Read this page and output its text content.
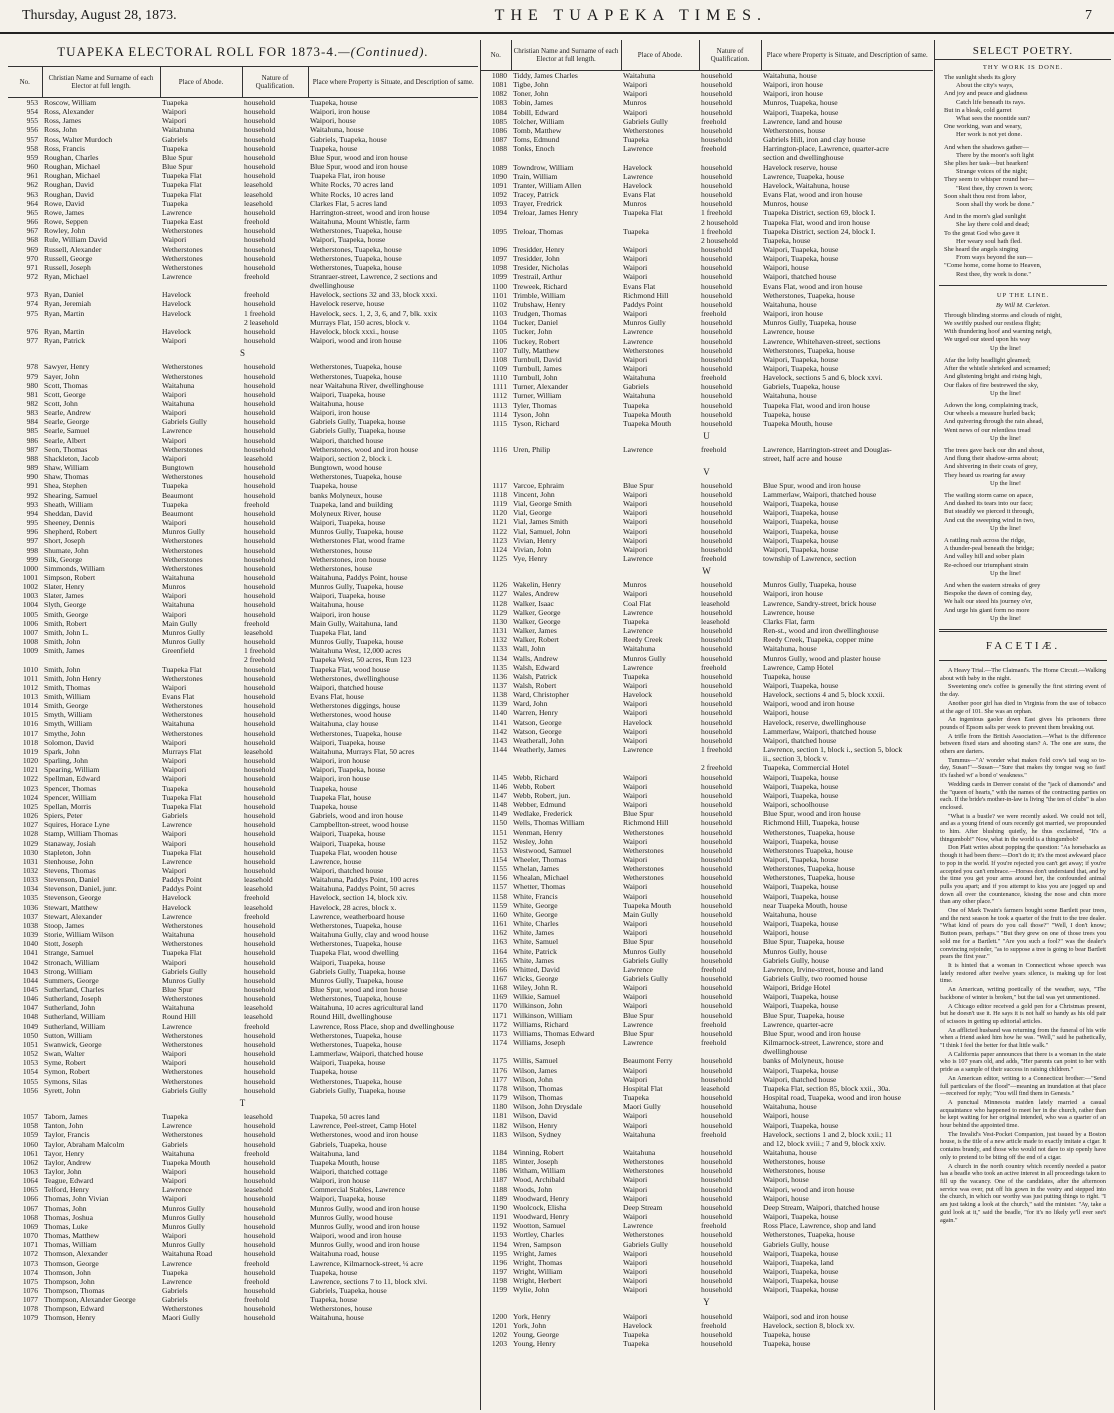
Thursday, August 28, 1873.	THE TUAPEKA TIMES.	7
TUAPEKA ELECTORAL ROLL FOR 1873-4.—(Continued).
No.	Christian Name and Surname of each Elector at full length.	Place of Abode.	Nature of Qualification.	Place where Property is Situate, and Description of same.
953	Roscow, William	Tuapeka	household	Tuapeka, house
954	Ross, Alexander	Waipori	household	Waipori, iron house
955	Ross, James	Waipori	household	Waipori, house
956	Ross, John	Waitahuna	household	Waitahuna, house
957	Ross, Walter Murdoch	Gabriels	household	Gabriels, Tuapeka, house
958	Ross, Francis	Tuapeka	household	Tuapeka, house
959	Roughan, Charles	Blue Spur	household	Blue Spur, wood and iron house
960	Roughan, Michael	Blue Spur	household	Blue Spur, wood and iron house
961	Roughan, Michael	Tuapeka Flat	household	Tuapeka Flat, iron house
962	Roughan, David	Tuapeka Flat	leasehold	White Rocks, 70 acres land
963	Roughan, David	Tuapeka Flat	leasehold	White Rocks, 10 acres land
964	Rowe, David	Tuapeka	leasehold	Clarkes Flat, 5 acres land
965	Rowe, James	Lawrence	household	Harrington-street, wood and iron house
966	Rowe, Seppen	Tuapeka East	freehold	Waitahuna, Mount Whistle, farm
967	Rowley, John	Wetherstones	household	Wetherstones, Tuapeka, house
968	Rule, William David	Waipori	household	Waipori, Tuapeka, house
969	Russell, Alexander	Wetherstones	household	Wetherstones, Tuapeka, house
970	Russell, George	Wetherstones	household	Wetherstones, Tuapeka, house
971	Russell, Joseph	Wetherstones	household	Wetherstones, Tuapeka, house
972	Ryan, Michael	Lawrence	freehold	Stranraer-street, Lawrence, 2 sections and
				dwellinghouse
973	Ryan, Daniel	Havelock	freehold	Havelock, sections 32 and 33, block xxxi.
974	Ryan, Jeremiah	Havelock	household	Havelock reserve, house
975	Ryan, Martin	Havelock	1 freehold	Havelock, secs. 1, 2, 3, 6, and 7, blk. xxix
			2 leasehold	Murrays Flat, 150 acres, block v.
976	Ryan, Martin	Havelock	household	Havelock, block xxxi., house
977	Ryan, Patrick	Waipori	household	Waipori, wood and iron house
S				
978	Sawyer, Henry	Wetherstones	household	Wetherstones, Tuapeka, house
979	Sayer, John	Wetherstones	household	Wetherstones, Tuapeka, house
980	Scott, Thomas	Waitahuna	household	near Waitahuna River, dwellinghouse
981	Scott, George	Waipori	household	Waipori, Tuapeka, house
982	Scott, John	Waitahuna	household	Waitahuna, house
983	Searle, Andrew	Waipori	household	Waipori, iron house
984	Searle, George	Gabriels Gully	household	Gabriels Gully, Tuapeka, house
985	Searle, Samuel	Lawrence	household	Gabriels Gully, Tuapeka, house
986	Searle, Albert	Waipori	household	Waipori, thatched house
987	Seon, Thomas	Wetherstones	household	Wetherstones, wood and iron house
988	Shackleton, Jacob	Waipori	leasehold	Waipori, section 2, block i.
989	Shaw, William	Bungtown	household	Bungtown, wood house
990	Shaw, Thomas	Wetherstones	household	Wetherstones, Tuapeka, house
991	Shea, Stephen	Tuapeka	household	Tuapeka, house
992	Shearing, Samuel	Beaumont	household	banks Molyneux, house
993	Sheath, William	Tuapeka	freehold	Tuapeka, land and building
994	Sheddan, David	Beaumont	household	Molyneux River, house
995	Sheeney, Dennis	Waipori	household	Waipori, Tuapeka, house
996	Shepherd, Robert	Munros Gully	household	Munros Gully, Tuapeka, house
997	Short, Joseph	Wetherstones	household	Wetherstones Flat, wood frame
998	Shumate, John	Wetherstones	household	Wetherstones, house
999	Silk, George	Wetherstones	household	Wetherstones, iron house
1000	Simmonds, William	Wetherstones	household	Wetherstones, house
1001	Simpson, Robert	Waitahuna	household	Waitahuna, Paddys Point, house
1002	Slater, Henry	Munros	household	Munros Gully, Tuapeka, house
1003	Slater, James	Waipori	household	Waipori, Tuapeka, house
1004	Slyth, George	Waitahuna	household	Waitahuna, house
1005	Smith, George	Waipori	household	Waipori, iron house
1006	Smith, Robert	Main Gully	freehold	Main Gully, Waitahuna, land
1007	Smith, John L.	Munros Gully	leasehold	Tuapeka Flat, land
1008	Smith, John	Munros Gully	household	Munros Gully, Tuapeka, house
1009	Smith, James	Greenfield	1 freehold	Waitahuna West, 12,000 acres
			2 freehold	Tuapeka West, 50 acres, Run 123
1010	Smith, John	Tuapeka Flat	household	Tuapeka Flat, wood house
1011	Smith, John Henry	Wetherstones	household	Wetherstones, dwellinghouse
1012	Smith, Thomas	Waipori	household	Waipori, thatched house
1013	Smith, William	Evans Flat	household	Evans Flat, house
1014	Smith, George	Wetherstones	household	Wetherstones diggings, house
1015	Smyth, William	Wetherstones	household	Wetherstones, wood house
1016	Smyth, William	Waitahuna	household	Waitahuna, clay house
1017	Smythe, John	Wetherstones	household	Wetherstones, Tuapeka, house
1018	Solomon, David	Waipori	household	Waipori, Tuapeka, house
1019	Spark, John	Murrays Flat	leasehold	Waitahuna, Murrays Flat, 50 acres
1020	Sparling, John	Waipori	household	Waipori, iron house
1021	Spearing, William	Waipori	household	Waipori, Tuapeka, house
1022	Spellman, Edward	Waipori	household	Waipori, iron house
1023	Spencer, Thomas	Tuapeka	household	Tuapeka, house
1024	Spencer, William	Tuapeka Flat	household	Tuapeka Flat, house
1025	Spellan, Morris	Tuapeka Flat	household	Tuapeka, house
1026	Spiers, Peter	Gabriels	household	Gabriels, wood and iron house
1027	Squires, Horace Lyne	Lawrence	household	Campbellton-street, wood house
1028	Stamp, William Thomas	Waipori	household	Waipori, Tuapeka, house
1029	Stanaway, Josiah	Waipori	household	Waipori, Tuapeka, house
1030	Stapleton, John	Tuapeka Flat	household	Tuapeka Flat, wooden house
1031	Stenhouse, John	Lawrence	household	Lawrence, house
1032	Stevens, Thomas	Waipori	household	Waipori, thatched house
1033	Stevenson, Daniel	Paddys Point	leasehold	Waitahuna, Paddys Point, 100 acres
1034	Stevenson, Daniel, junr.	Paddys Point	leasehold	Waitahuna, Paddys Point, 50 acres
1035	Stevenson, George	Havelock	freehold	Havelock, section 14, block xiv.
1036	Stewart, Matthew	Havelock	leasehold	Havelock, 28 acres, block x.
1037	Stewart, Alexander	Lawrence	freehold	Lawrence, weatherboard house
1038	Stoop, James	Wetherstones	household	Wetherstones, Tuapeka, house
1039	Storie, William Wilson	Waitahuna	household	Waitahuna Gully, clay and wood house
1040	Stott, Joseph	Wetherstones	household	Wetherstones, Tuapeka, house
1041	Strange, Samuel	Tuapeka Flat	household	Tuapeka Flat, wood dwelling
1042	Stronach, William	Waipori	household	Waipori, Tuapeka, house
1043	Strong, William	Gabriels Gully	household	Gabriels Gully, Tuapeka, house
1044	Summers, George	Munros Gully	household	Munros Gully, Tuapeka, house
1045	Sutherland, Charles	Blue Spur	household	Blue Spur, wood and iron house
1046	Sutherland, Joseph	Wetherstones	household	Wetherstones, Tuapeka, house
1047	Sutherland, John	Waitahuna	leasehold	Waitahuna, 10 acres agricultural land
1048	Sutherland, William	Round Hill	leasehold	Round Hill, dwellinghouse
1049	Sutherland, William	Lawrence	freehold	Lawrence, Ross Place, shop and dwellinghouse
1050	Sutton, William	Wetherstones	household	Wetherstones, Tuapeka, house
1051	Swanwick, George	Wetherstones	household	Wetherstones, Tuapeka, house
1052	Swan, Walter	Waipori	household	Lammerlaw, Waipori, thatched house
1053	Syme, Robert	Waipori	household	Waipori, Tuapeka, house
1054	Symon, Robert	Wetherstones	household	Tuapeka, house
1055	Symons, Silas	Wetherstones	household	Wetherstones, Tuapeka, house
1056	Syrett, John	Gabriels Gully	household	Gabriels Gully, Tuapeka, house
T				
1057	Taborn, James	Tuapeka	leasehold	Tuapeka, 50 acres land
1058	Tanton, John	Lawrence	household	Lawrence, Peel-street, Camp Hotel
1059	Taylor, Francis	Wetherstones	household	Wetherstones, wood and iron house
1060	Taylor, Abraham Malcolm	Gabriels	household	Gabriels, Tuapeka, house
1061	Tayor, Henry	Waitahuna	freehold	Waitahuna, land
1062	Taylor, Andrew	Tuapeka Mouth	household	Tuapeka Mouth, house
1063	Taylor, John	Waipori	household	Waipori, thatched cottage
1064	Teague, Edward	Waipori	household	Waipori, iron house
1065	Telford, Henry	Lawrence	leasehold	Commercial Stables, Lawrence
1066	Thomas, John Vivian	Waipori	household	Waipori, Tuapeka, house
1067	Thomas, John	Munros Gully	household	Munros Gully, wood and iron house
1068	Thomas, Joshua	Munros Gully	household	Munros Gully, wood house
1069	Thomas, Luke	Munros Gully	household	Munros Gully, wood and iron house
1070	Thomas, Matthew	Waipori	household	Waipori, wood and iron house
1071	Thomas, William	Munros Gully	household	Munros Gully, wood and iron house
1072	Thomson, Alexander	Waitahuna Road	household	Waitahuna road, house
1073	Thomson, George	Lawrence	freehold	Lawrence, Kilmarnock-street, ¼ acre
1074	Thomson, John	Tuapeka	household	Tuapeka, house
1075	Thompson, John	Lawrence	freehold	Lawrence, sections 7 to 11, block xlvi.
1076	Thompson, Thomas	Gabriels	household	Gabriels, Tuapeka, house
1077	Thompson, Alexander George	Gabriels	freehold	Tuapeka, house
1078	Thompson, Edward	Wetherstones	household	Wetherstones, house
1079	Thomson, Henry	Maori Gully	household	Waitahuna, house
No.	Christian Name and Surname of each Elector at full length.	Place of Abode.	Nature of Qualification.	Place where Property is Situate, and Description of same.
1080	Tiddy, James Charles	Waitahuna	household	Waitahuna, house
1081	Tigbe, John	Waipori	household	Waipori, iron house
1082	Toner, John	Waipori	household	Waipori, iron house
1083	Tobin, James	Munros	household	Munros, Tuapeka, house
1084	Tobill, Edward	Waipori	household	Waipori, Tuapeka, house
1085	Tolcher, William	Gabriels Gully	freehold	Lawrence, land and house
1086	Tomb, Matthew	Wetherstones	household	Wetherstones, house
1087	Toms, Edmund	Tuapeka	household	Gabriels Hill, iron and clay house
1088	Tonks, Enoch	Lawrence	freehold	Harrington-place, Lawrence, quarter-acre
				section and dwellinghouse
1089	Towndrow, William	Havelock	household	Havelock reserve, house
1090	Train, William	Lawrence	household	Lawrence, Tuapeka, house
1091	Tranter, William Allen	Havelock	household	Havelock, Waitahuna, house
1092	Tracey, Patrick	Evans Flat	household	Evans Flat, wood and iron house
1093	Trayer, Fredrick	Munros	household	Munros, house
1094	Treloar, James Henry	Tuapeka Flat	1 freehold	Tuapeka District, section 69, block I.
			2 household	Tuapeka Flat, wood and iron house
1095	Treloar, Thomas	Tuapeka	1 freehold	Tuapeka District, section 24, block I.
			2 household	Tuapeka, house
1096	Tresidder, Henry	Waipori	household	Waipori, Tuapeka, house
1097	Tresidder, John	Waipori	household	Waipori, Tuapeka, house
1098	Tresider, Nicholas	Waipori	household	Waipori, house
1099	Trestrail, Arthur	Waipori	household	Waipori, thatched house
1100	Treweek, Richard	Evans Flat	household	Evans Flat, wood and iron house
1101	Trimble, William	Richmond Hill	household	Wetherstones, Tuapeka, house
1102	Trubshaw, Henry	Paddys Point	household	Waitahuna, house
1103	Trudgen, Thomas	Waipori	freehold	Waipori, iron house
1104	Tucker, Daniel	Munros Gully	household	Munros Gully, Tuapeka, house
1105	Tucker, John	Lawrence	household	Lawrence, house
1106	Tuckey, Robert	Lawrence	household	Lawrence, Whitehaven-street, sections
1107	Tully, Matthew	Wetherstones	household	Wetherstones, Tuapeka, house
1108	Turnbull, David	Waipori	household	Waipori, Tuapeka, house
1109	Turnbull, James	Waipori	household	Waipori, Tuapeka, house
1110	Turnbull, John	Waitahuna	freehold	Havelock, sections 5 and 6, block xxvi.
1111	Turner, Alexander	Gabriels	household	Gabriels, Tuapeka, house
1112	Turner, William	Waitahuna	household	Waitahuna, house
1113	Tyler, Thomas	Tuapeka	household	Tuapeka Flat, wood and iron house
1114	Tyson, John	Tuapeka Mouth	household	Tuapeka, house
1115	Tyson, Richard	Tuapeka Mouth	household	Tuapeka Mouth, house
U				
1116	Uren, Philip	Lawrence	freehold	Lawrence, Harrington-street and Douglas-
				street, half acre and house
V				
1117	Varcoe, Ephraim	Blue Spur	household	Blue Spur, wood and iron house
1118	Vincent, John	Waipori	household	Lammerlaw, Waipori, thatched house
1119	Vial, George Smith	Waipori	household	Waipori, Tuapeka, house
1120	Vial, George	Waipori	household	Waipori, Tuapeka, house
1121	Vial, James Smith	Waipori	household	Waipori, Tuapeka, house
1122	Vial, Samuel, John	Waipori	household	Waipori, Tuapeka, house
1123	Vivian, Henry	Waipori	household	Waipori, Tuapeka, house
1124	Vivian, John	Waipori	household	Waipori, Tuapeka, house
1125	Vye, Henry	Lawrence	freehold	township of Lawrence, section
W				
1126	Wakelin, Henry	Munros	household	Munros Gully, Tuapeka, house
1127	Wales, Andrew	Waipori	household	Waipori, iron house
1128	Walker, Isaac	Coal Flat	leasehold	Lawrence, Sandry-street, brick house
1129	Walker, George	Lawrence	household	Lawrence, house
1130	Walker, George	Tuapeka	leasehold	Clarks Flat, farm
1131	Walker, James	Lawrence	household	Ren-st., wood and iron dwellinghouse
1132	Walker, Robert	Reedy Creek	household	Reedy Creek, Tuapeka, copper mine
1133	Wall, John	Waitahuna	household	Waitahuna, house
1134	Walls, Andrew	Munros Gully	household	Munros Gully, wood and plaster house
1135	Walsh, Edward	Lawrence	freehold	Lawrence, Camp Hotel
1136	Walsh, Patrick	Tuapeka	household	Tuapeka, house
1137	Walsh, Robert	Waipori	household	Waipori, Tuapeka, house
1138	Ward, Christopher	Havelock	household	Havelock, sections 4 and 5, block xxxii.
1139	Ward, John	Waipori	household	Waipori, wood and iron house
1140	Warren, Henry	Waipori	household	Waipori, house
1141	Watson, George	Havelock	household	Havelock, reserve, dwellinghouse
1142	Watson, George	Waipori	household	Lammerlaw, Waipori, thatched house
1143	Weatherall, John	Waipori	household	Waipori, thatched house
1144	Weatherly, James	Lawrence	1 freehold	Lawrence, section 1, block i., section 5, block
				ii., section 3, block v.
			2 freehold	Tuapeka, Commercial Hotel
1145	Webb, Richard	Waipori	household	Waipori, Tuapeka, house
1146	Webb, Robert	Waipori	household	Waipori, Tuapeka, house
1147	Webb, Robert, jun.	Waipori	household	Waipori, Tuapeka, house
1148	Webber, Edmund	Waipori	household	Waipori, schoolhouse
1149	Wedlake, Frederick	Blue Spur	household	Blue Spur, wood and iron house
1150	Wells, Thomas William	Richmond Hill	household	Richmond Hill, Tuapeka, house
1151	Wenman, Henry	Wetherstones	household	Wetherstones, Tuapeka, house
1152	Wesley, John	Waipori	household	Waipori, Tuapeka, house
1153	Westwood, Samuel	Wetherstones	household	Wetherstones Tuapeka, house
1154	Wheeler, Thomas	Waipori	household	Waipori, Tuapeka, house
1155	Whelan, James	Wetherstones	household	Wetherstones, Tuapeka, house
1156	Whealan, Michael	Wetherstones	household	Wetherstones, Tuapeka, house
1157	Whetter, Thomas	Waipori	household	Waipori, Tuapeka, house
1158	White, Francis	Waipori	household	Waipori, Tuapeka, house
1159	White, George	Tuapeka Mouth	household	near Tuapeka Mouth, house
1160	White, George	Main Gully	household	Waitahuna, house
1161	White, Charles	Waipori	household	Waipori, Tuapeka, house
1162	White, James	Waipori	household	Waipori, house
1163	White, Samuel	Blue Spur	household	Blue Spur, Tuapeka, house
1164	White, Patrick	Munros Gully	household	Munros Gully, house
1165	White, James	Gabriels Gully	household	Gabriels Gully, house
1166	Whitted, David	Lawrence	freehold	Lawrence, Irvine-street, house and land
1167	Wicks, George	Gabriels Gully	household	Gabriels Gully, two roomed house
1168	Wiley, John R.	Waipori	household	Waipori, Bridge Hotel
1169	Wilkie, Samuel	Waipori	household	Waipori, Tuapeka, house
1170	Wilkinson, John	Waipori	household	Waipori, Tuapeka, house
1171	Wilkinson, William	Blue Spur	household	Blue Spur, Tuapeka, house
1172	Williams, Richard	Lawrence	freehold	Lawrence, quarter-acre
1173	Williams, Thomas Edward	Blue Spur	household	Blue Spur, wood and iron house
1174	Williams, Joseph	Lawrence	freehold	Kilmarnock-street, Lawrence, store and
				dwellinghouse
1175	Willis, Samuel	Beaumont Ferry	household	banks of Molyneux, house
1176	Wilson, James	Waipori	household	Waipori, Tuapeka, house
1177	Wilson, John	Waipori	household	Waipori, thatched house
1178	Wilson, Thomas	Hospital Flat	leasehold	Tuapeka Flat, section 85, block xxii., 30a.
1179	Wilson, Thomas	Tuapeka	household	Hospital road, Tuapeka, wood and iron house
1180	Wilson, John Drysdale	Maori Gully	household	Waitahuna, house
1181	Wilson, David	Waipori	household	Waipori, house
1182	Wilson, Henry	Waipori	household	Waipori, Tuapeka, house
1183	Wilson, Sydney	Waitahuna	freehold	Havelock, sections 1 and 2, block xxii.; 11
				and 12, block xviii.; 7 and 9, block xxiv.
1184	Winning, Robert	Waitahuna	household	Waitahuna, house
1185	Winter, Joseph	Wetherstones	household	Wetherstones, house
1186	Witham, William	Wetherstones	household	Wetherstones, house
1187	Wood, Archibald	Waipori	household	Waipori, house
1188	Woods, John	Waipori	household	Waipori, wood and iron house
1189	Woodward, Henry	Waipori	household	Waipori, house
1190	Woolcock, Elisha	Deep Stream	household	Deep Stream, Waipori, thatched house
1191	Woodward, Henry	Waipori	household	Waipori, Tuapeka, house
1192	Wootton, Samuel	Lawrence	freehold	Ross Place, Lawrence, shop and land
1193	Wortley, Charles	Wetherstones	household	Wetherstones, Tuapeka, house
1194	Wren, Sampson	Gabriels Gully	household	Gabriels Gully, house
1195	Wright, James	Waipori	household	Waipori, Tuapeka, house
1196	Wright, Thomas	Waipori	household	Waipori, Tuapeka, land
1197	Wright, William	Waipori	household	Waipori, Tuapeka, house
1198	Wright, Herbert	Waipori	household	Waipori, Tuapeka, house
1199	Wylie, John	Waipori	household	Waipori, Tuapeka, house
Y				
1200	York, Henry	Waipori	household	Waipori, sod and iron house
1201	York, John	Havelock	freehold	Havelock, section 8, block xv.
1202	Young, George	Tuapeka	household	Tuapeka, house
1203	Young, Henry	Tuapeka	household	Tuapeka, house
SELECT POETRY.
THY WORK IS DONE.
The sunlight sheds its glory
About the city's ways,
And joy and peace and gladness
Catch life beneath its rays.
But in a bleak, cold garret
What sees the noontide sun?
One working, wan and weary,
Her work is not yet done.
And when the shadows gather—
There by the moon's soft light
She plies her task—but hearken!
Strange voices of the night;
They seem to whisper round her—
"Rest thee, thy crown is won;
Soon shalt thou rest from labor,
Soon shall thy work be done."
And in the morn's glad sunlight
She lay there cold and dead;
To the great God who gave it
Her weary soul hath fled.
She heard the angels singing
From ways beyond the sun—
"Come home, come home to Heaven,
Rest thee, thy work is done."
UP THE LINE.
By Will M. Carleton.
Through blinding storms and clouds of night,
We swiftly pushed our restless flight;
With thundering hoof and warning neigh,
We urged our steed upon his way
Up the line!
Afar the lofty headlight gleamed;
After the whistle shrieked and screamed;
And glistening bright and rising high,
Our flakes of fire bestrewed the sky,
Up the line!
Adown the long, complaining track,
Our wheels a measure hurled back;
And quivering through the rain ahead,
Went news of our relentless tread
Up the line!
The trees gave back our din and shout,
And flung their shadow-arms about;
And shivering in their coats of grey,
They heard us roaring far away
Up the line!
The wailing storm came on apace,
And dashed its tears into our face;
But steadily we pierced it through,
And cut the sweeping wind in two,
Up the line!
A rattling rush across the ridge,
A thunder-peal beneath the bridge;
And valley hill and sober plain
Re-echoed our triumphant strain
Up the line!
And when the eastern streaks of grey
Bespoke the dawn of coming day,
We halt our steed his journey o'er,
And urge his giant form no more
Up the line!
FACETIÆ.

A Heavy Trial.—The Claimant's. The Home Circuit.—Walking about with baby in the night.

Sweetening one's coffee is generally the first stirring event of the day.

Another poor girl has died in Virginia from the use of tobacco at the age of 101. She was an orphan.

An ingenious gaoler down East gives his prisoners three pounds of Epsom salts per week to prevent them breaking out.

A trifle from the British Association.—What is the difference between fixed stars and shooting stars? A. The one are suns, the others are darters.

Tummus—"A' wonder what makes t'old cow's tail wag so to-day, Susan!"—Susan—"Sure that makes thy tongue wag so fast! it's fashed wi' a bond o' weakness."

Wedding cards in Denver consist of the "jack of diamonds" and the "queen of hearts," with the names of the contracting parties on each. If the bride's mother-in-law is living "the ten of clubs" is also enclosed.

"What is a bustle? we were recently asked. We could not tell, and as a young friend of ours recently got married, we propounded to him. After blushing quietly, he thus exclaimed, "It's a thingumbob!" Now, what in the world is a thingumbob?

Don Platt writes about popping the question: "As horsebacks as though it had been there:—Don't do it; it's the most awkward place to pop in the world. If you're rejected you can't get away; if you're accepted you can't embrace.—Horses don't understand that, and by the time you get your arms around her, the confounded animal pulls you apart; and if you attempt to kiss you are jogged up and down all over the countenance, kissing the nose and chin more than any other place."

One of Mark Twain's farmers bought some Bartlett pear trees, and the next season he took a quarter of the fruit to the tree dealer. "What kind of pears do you call those?" "Well, I don't know; Button pears, perhaps." "But they grew on one of those trees you sold me for a Bartlett." "Are you such a fool?" was the dealer's convincing rejoinder, "as to suppose a tree is going to bear Bartlett pears the first year."

It is hinted that a woman in Connecticut whose speech was lately restored after twelve years silence, is making up for lost time.

An American, writing poetically of the weather, says, "The backbone of winter is broken," but the tail was yet unmentioned.

A Chicago editor received a gold pen for a Christmas present, but he doesn't use it. He says it is not half so handy as his old pair of scissors in getting up editorial articles.

An afflicted husband was returning from the funeral of his wife when a friend asked him how he was. "Well," said he pathetically, "I think I feel the better for that little walk."

A California paper announces that there is a woman in the state who is 107 years old, and adds, "Her parents can point to her with pride as a sample of their success in raising children."

An American editor, writing to a Connecticut brother:—"Send full particulars of the flood"—meaning an inundation at that place—received for reply; "You will find them in Genesis."

A punctual Minnesota maiden lately married a casual acquaintance who happened to meet her in the church, rather than be kept waiting for her original intended, who was a quarter of an hour behind the appointed time.

The Invalid's Vest-Pocket Companion, just issued by a Boston house, is the title of a new article made to exactly imitate a cigar. It contains brandy, and those who would not dare to sip openly have only to pretend to be biting off the end of a cigar.

A church in the north country which recently needed a pastor has a beadle who took an active interest in all proceedings taken to fill up the vacancy. One of the candidates, after the afternoon service was over, put off his gown in the vestry and stepped into the church, in which our worthy was just putting things to right. "I am just taking a look at the church," said the minister. "Ay, take a guid look at it," said the beadle, "for it's no likely ye'll ever see't again."
